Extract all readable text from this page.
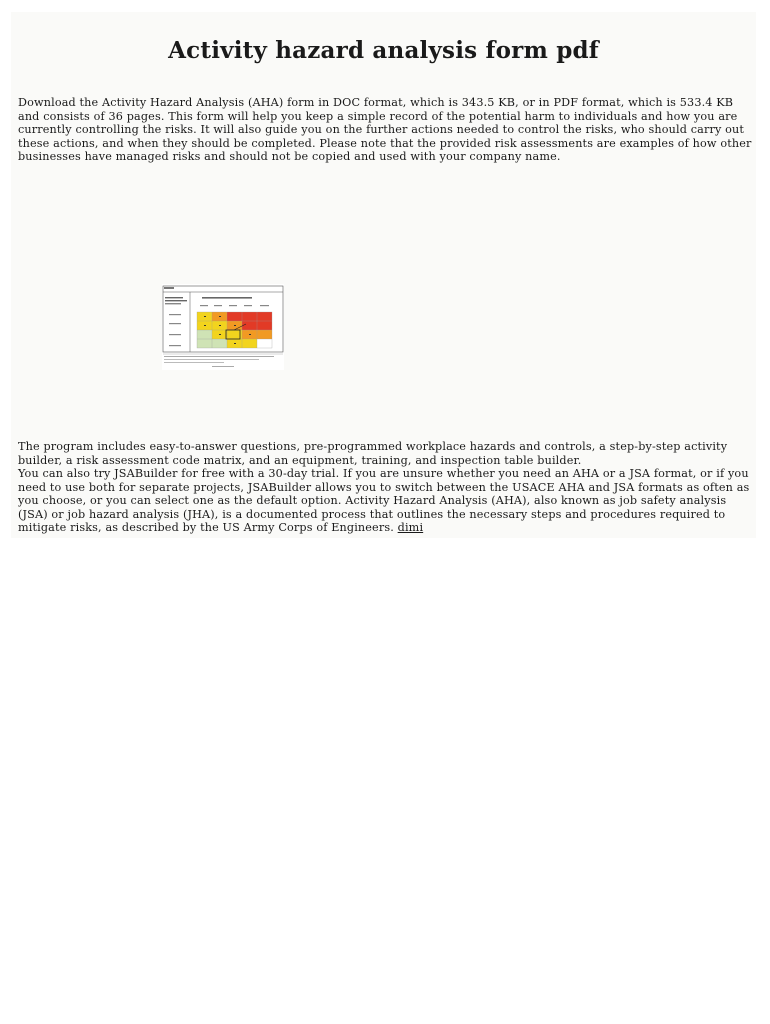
Activity hazard analysis form pdf

Download the Activity Hazard Analysis (AHA) form in DOC format, which is 343.5 KB, or in PDF format, which is 533.4 KB and consists of 36 pages. This form will help you keep a simple record of the potential harm to individuals and how you are currently controlling the risks. It will also guide you on the further actions needed to control the risks, who should carry out these actions, and when they should be completed. Please note that the provided risk assessments are examples of how other businesses have managed risks and should not be copied and used with your company name.

The program includes easy-to-answer questions, pre-programmed workplace hazards and controls, a step-by-step activity builder, a risk assessment code matrix, and an equipment, training, and inspection table builder.
You can also try JSABuilder for free with a 30-day trial. If you are unsure whether you need an AHA or a JSA format, or if you need to use both for separate projects, JSABuilder allows you to switch between the USACE AHA and JSA formats as often as you choose, or you can select one as the default option. Activity Hazard Analysis (AHA), also known as job safety analysis (JSA) or job hazard analysis (JHA), is a documented process that outlines the necessary steps and procedures required to mitigate risks, as described by the US Army Corps of Engineers. dimi
